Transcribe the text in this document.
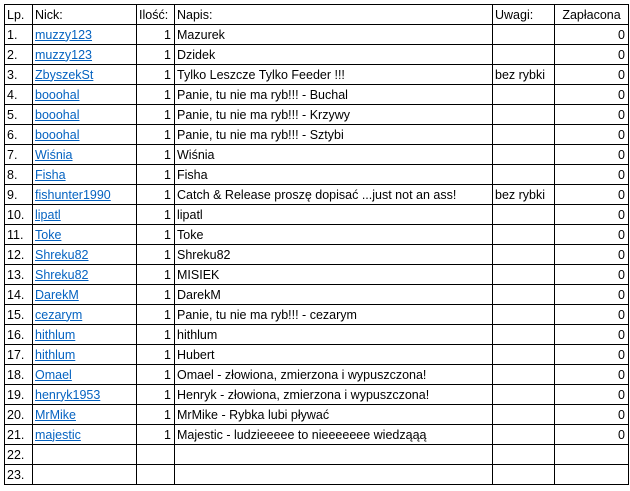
Lp.	Nick:	Ilość:	Napis:	Uwagi:	Zapłacona
1.	muzzy123	1	Mazurek		0
2.	muzzy123	1	Dzidek		0
3.	ZbyszekSt	1	Tylko Leszcze Tylko Feeder !!!	bez rybki	0
4.	booohal	1	Panie, tu nie ma ryb!!! - Buchal		0
5.	booohal	1	Panie, tu nie ma ryb!!! - Krzywy		0
6.	booohal	1	Panie, tu nie ma ryb!!! - Sztybi		0
7.	Wiśnia	1	Wiśnia		0
8.	Fisha	1	Fisha		0
9.	fishunter1990	1	Catch & Release proszę dopisać ...just not an ass!	bez rybki	0
10.	lipatl	1	lipatl		0
11.	Toke	1	Toke		0
12.	Shreku82	1	Shreku82		0
13.	Shreku82	1	MISIEK		0
14.	DarekM	1	DarekM		0
15.	cezarym	1	Panie, tu nie ma ryb!!! - cezarym		0
16.	hithlum	1	hithlum		0
17.	hithlum	1	Hubert		0
18.	Omael	1	Omael - złowiona, zmierzona i wypuszczona!		0
19.	henryk1953	1	Henryk - złowiona, zmierzona i wypuszczona!		0
20.	MrMike	1	MrMike - Rybka lubi pływać		0
21.	majestic	1	Majestic - ludzieeeee to nieeeeeee wiedząąą		0
22.					
23.					
